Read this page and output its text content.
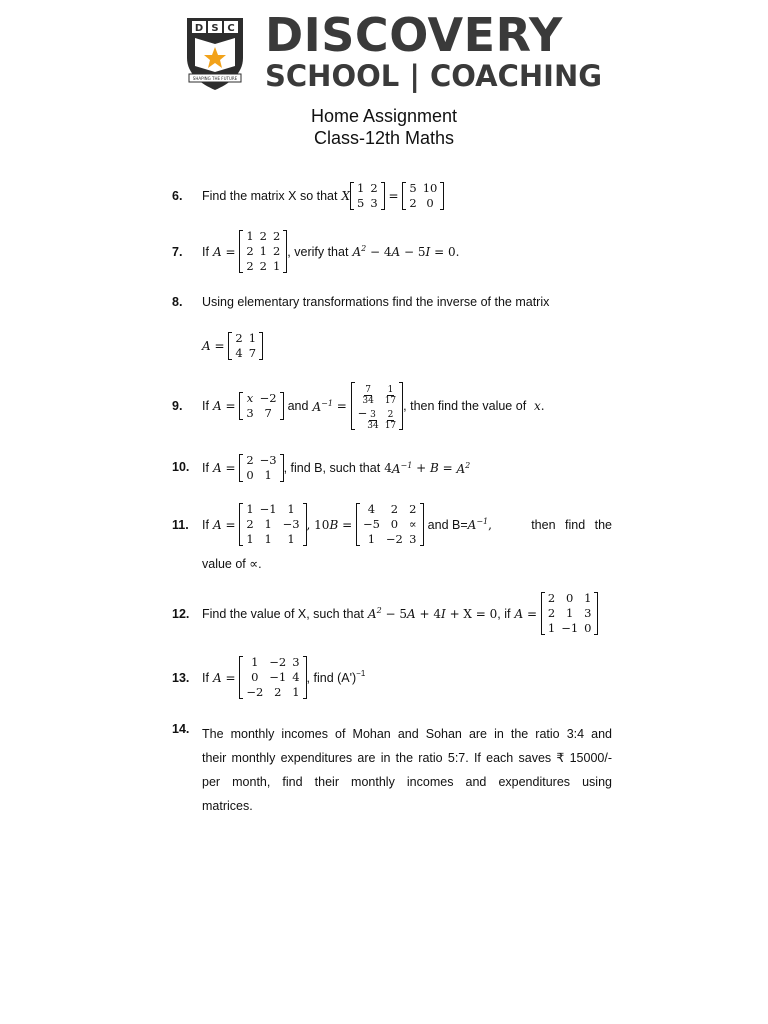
D S C
SHAPING THE FUTURE
DISCOVERY
SCHOOL | COACHING
Home Assignment
Class-12th Maths
6. Find the matrix X so that X
1	2
5	3 =
5	10
2	0
7. If A =
1	2	2
2	1	2
2	2	1
, verify that $A^2 - 4$ A − 5 I = 0.
8. Using elementary transformations find the inverse of the matrix
A =
2	1
4	7
9. If A =
x	−2
3	7 and $A^{-1} = \frac{7}{34}$	$\frac{1}{17}$

− $\frac{3}{34}$	$\frac{2}{17}$
, then find the value of x .
10. If A =
2	−3
0	1 , find B, such that 4 $A^{-1} + B = A^2$
11. If A =
1	−1	1
2	1	−3
1	1	1
, 10 B =
4	2	2
−5	0	∝
1	−2	3
and $B= A^{-1}$ ,	then find the
value of ∝.
12. Find the value of X, such that $A^2 - 5$ A + 4 I + X = 0 , if A =
2	0	1
2	1	3
1	−1	0
13. If A =
1	−2	3
0	−1	4
−2	2	1
, find $(A')^{-1}$
14. The monthly incomes of Mohan and Sohan are in the ratio 3:4 and
their monthly expenditures are in the ratio 5:7. If each saves ₹ 15000/-
per month, find their monthly incomes and expenditures using
matrices.
